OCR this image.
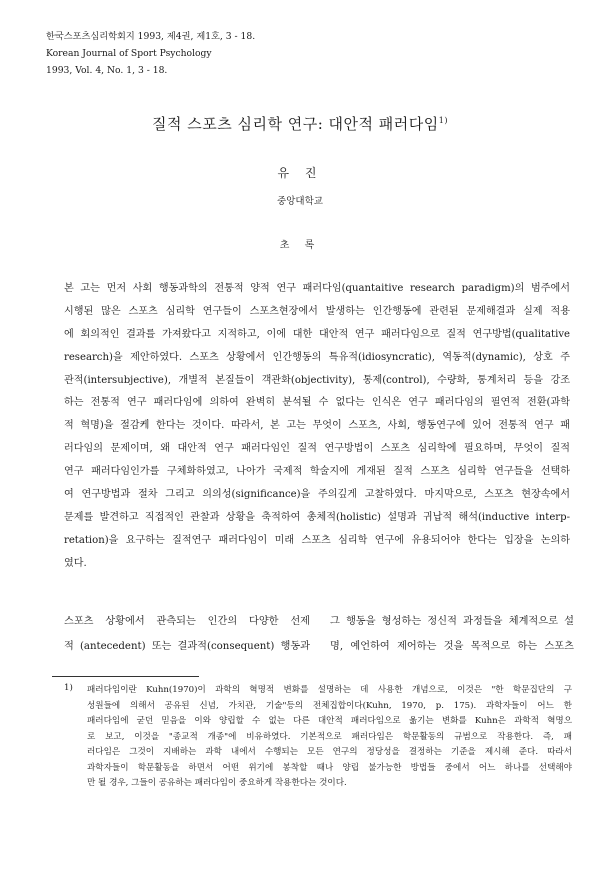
한국스포츠심리학회지 1993, 제4권, 제1호, 3 - 18.
Korean Journal of Sport Psychology
1993, Vol. 4, No. 1, 3 - 18.
질적 스포츠 심리학 연구: 대안적 패러다임$^{1)}$
유 진
중앙대학교
초 록
본 고는 먼저 사회 행동과학의 전통적 양적 연구 패러다임(quantaitive research paradigm)의 범주에서
시행된 많은 스포츠 심리학 연구들이 스포츠현장에서 발생하는 인간행동에 관련된 문제해결과 실제 적용
에 회의적인 결과를 가져왔다고 지적하고, 이에 대한 대안적 연구 패러다임으로 질적 연구방법(qualitative
research)을 제안하였다. 스포츠 상황에서 인간행동의 특유적(idiosyncratic), 역동적(dynamic), 상호 주
관적(intersubjective), 개별적 본질들이 객관화(objectivity), 통제(control), 수량화, 통계처리 등을 강조
하는 전통적 연구 패러다임에 의하여 완벽히 분석될 수 없다는 인식은 연구 패러다임의 필연적 전환(과학
적 혁명)을 절감케 한다는 것이다. 따라서, 본 고는 무엇이 스포츠, 사회, 행동연구에 있어 전통적 연구 패
러다임의 문제이며, 왜 대안적 연구 패러다임인 질적 연구방법이 스포츠 심리학에 필요하며, 무엇이 질적
연구 패러다임인가를 구체화하였고, 나아가 국제적 학술지에 게재된 질적 스포츠 심리학 연구들을 선택하
여 연구방법과 절차 그리고 의의성(significance)을 주의깊게 고찰하였다. 마지막으로, 스포츠 현장속에서
문제를 발견하고 직접적인 관찰과 상황을 축적하여 총체적(holistic) 설명과 귀납적 해석(inductive interp-
retation)을 요구하는 질적연구 패러다임이 미래 스포츠 심리학 연구에 유용되어야 한다는 입장을 논의하
였다.
스포츠 상황에서 관측되는 인간의 다양한 선제
적 (antecedent) 또는 결과적(consequent) 행동과
그 행동을 형성하는 정신적 과정들을 체계적으로 설
명, 예언하여 제어하는 것을 목적으로 하는 스포츠
1) 패러다임이란 Kuhn(1970)이 과학의 혁명적 변화를 설명하는 데 사용한 개념으로, 이것은 "한 학문집단의 구
성원들에 의해서 공유된 신념, 가치관, 기술"등의 전체집합이다(Kuhn, 1970, p. 175). 과학자들이 어느 한
패러다임에 굳던 믿음을 이와 양립할 수 없는 다른 대안적 패러다임으로 옮기는 변화를 Kuhn은 과학적 혁명으
로 보고, 이것을 "종교적 개종"에 비유하였다. 기본적으로 패러다임은 학문활동의 규범으로 작용한다. 즉, 패
러다임은 그것이 지배하는 과학 내에서 수행되는 모든 연구의 정당성을 결정하는 기준을 제시해 준다. 따라서
과학자들이 학문활동을 하면서 어떤 위기에 봉착할 때나 양립 불가능한 방법들 중에서 어느 하나를 선택해야
만 될 경우, 그들이 공유하는 패러다임이 중요하게 작용한다는 것이다.
